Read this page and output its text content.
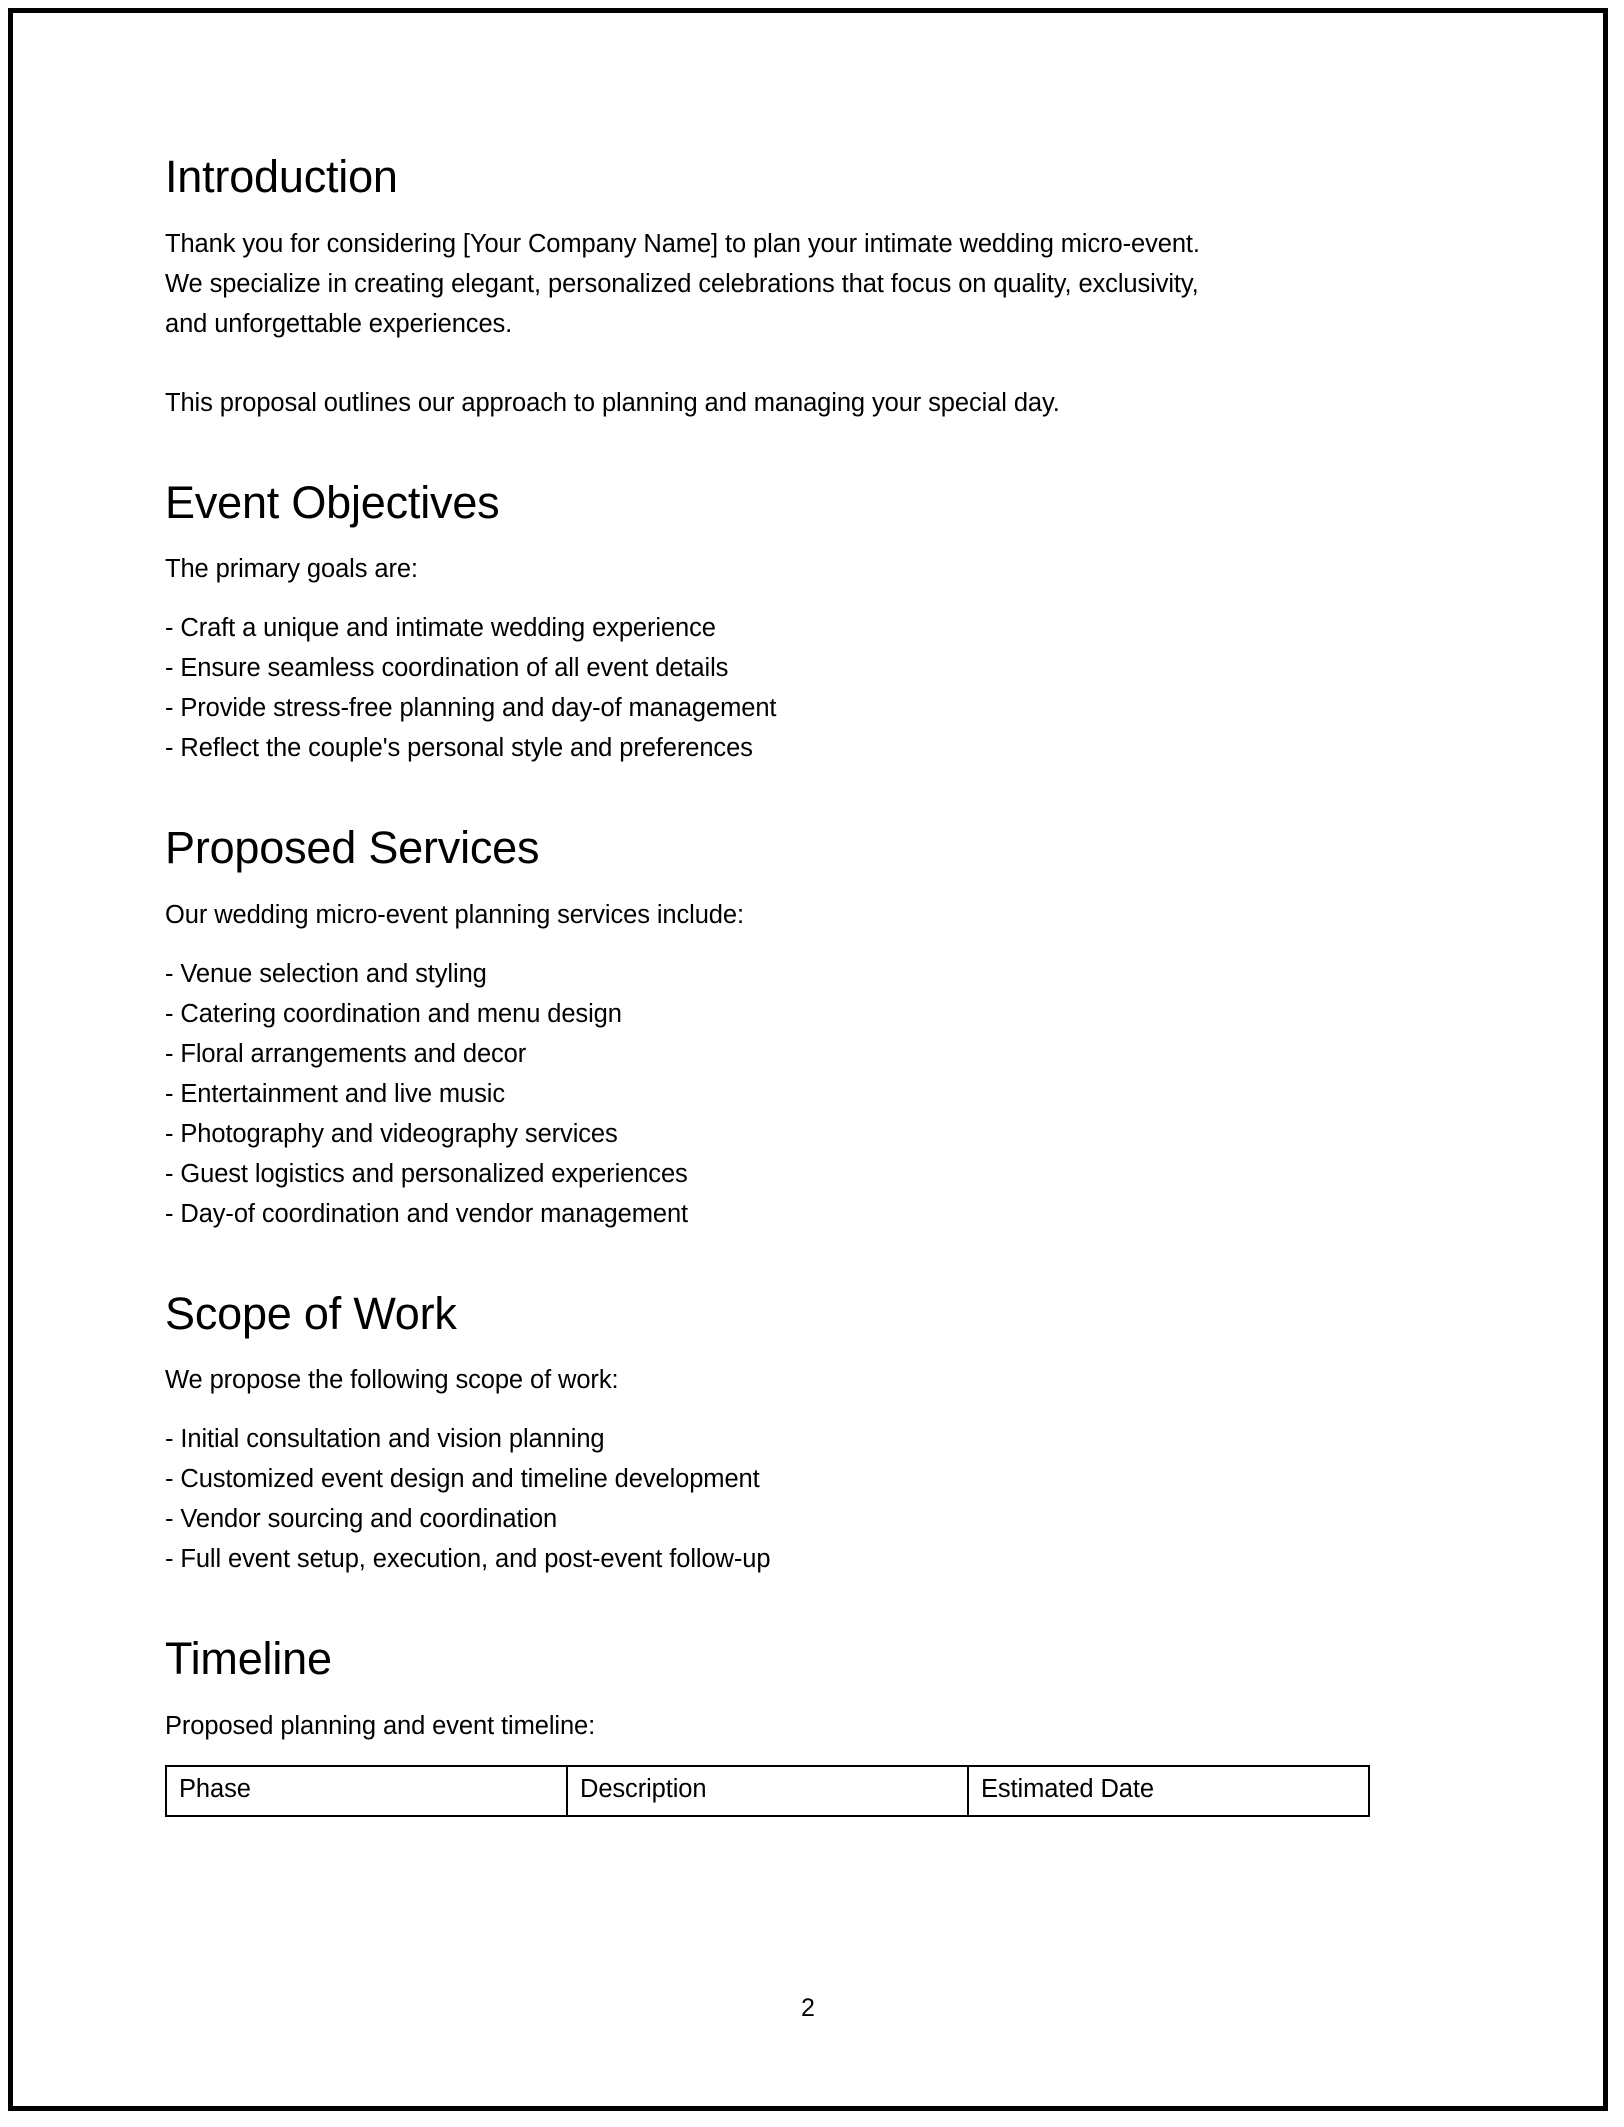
Introduction

Thank you for considering [Your Company Name] to plan your intimate wedding micro-event.
We specialize in creating elegant, personalized celebrations that focus on quality, exclusivity,
and unforgettable experiences.

This proposal outlines our approach to planning and managing your special day.

Event Objectives

The primary goals are:

- Craft a unique and intimate wedding experience
- Ensure seamless coordination of all event details
- Provide stress-free planning and day-of management
- Reflect the couple's personal style and preferences
Proposed Services

Our wedding micro-event planning services include:

- Venue selection and styling
- Catering coordination and menu design
- Floral arrangements and decor
- Entertainment and live music
- Photography and videography services
- Guest logistics and personalized experiences
- Day-of coordination and vendor management
Scope of Work

We propose the following scope of work:

- Initial consultation and vision planning
- Customized event design and timeline development
- Vendor sourcing and coordination
- Full event setup, execution, and post-event follow-up
Timeline

Proposed planning and event timeline:

Phase	Description	Estimated Date
2
